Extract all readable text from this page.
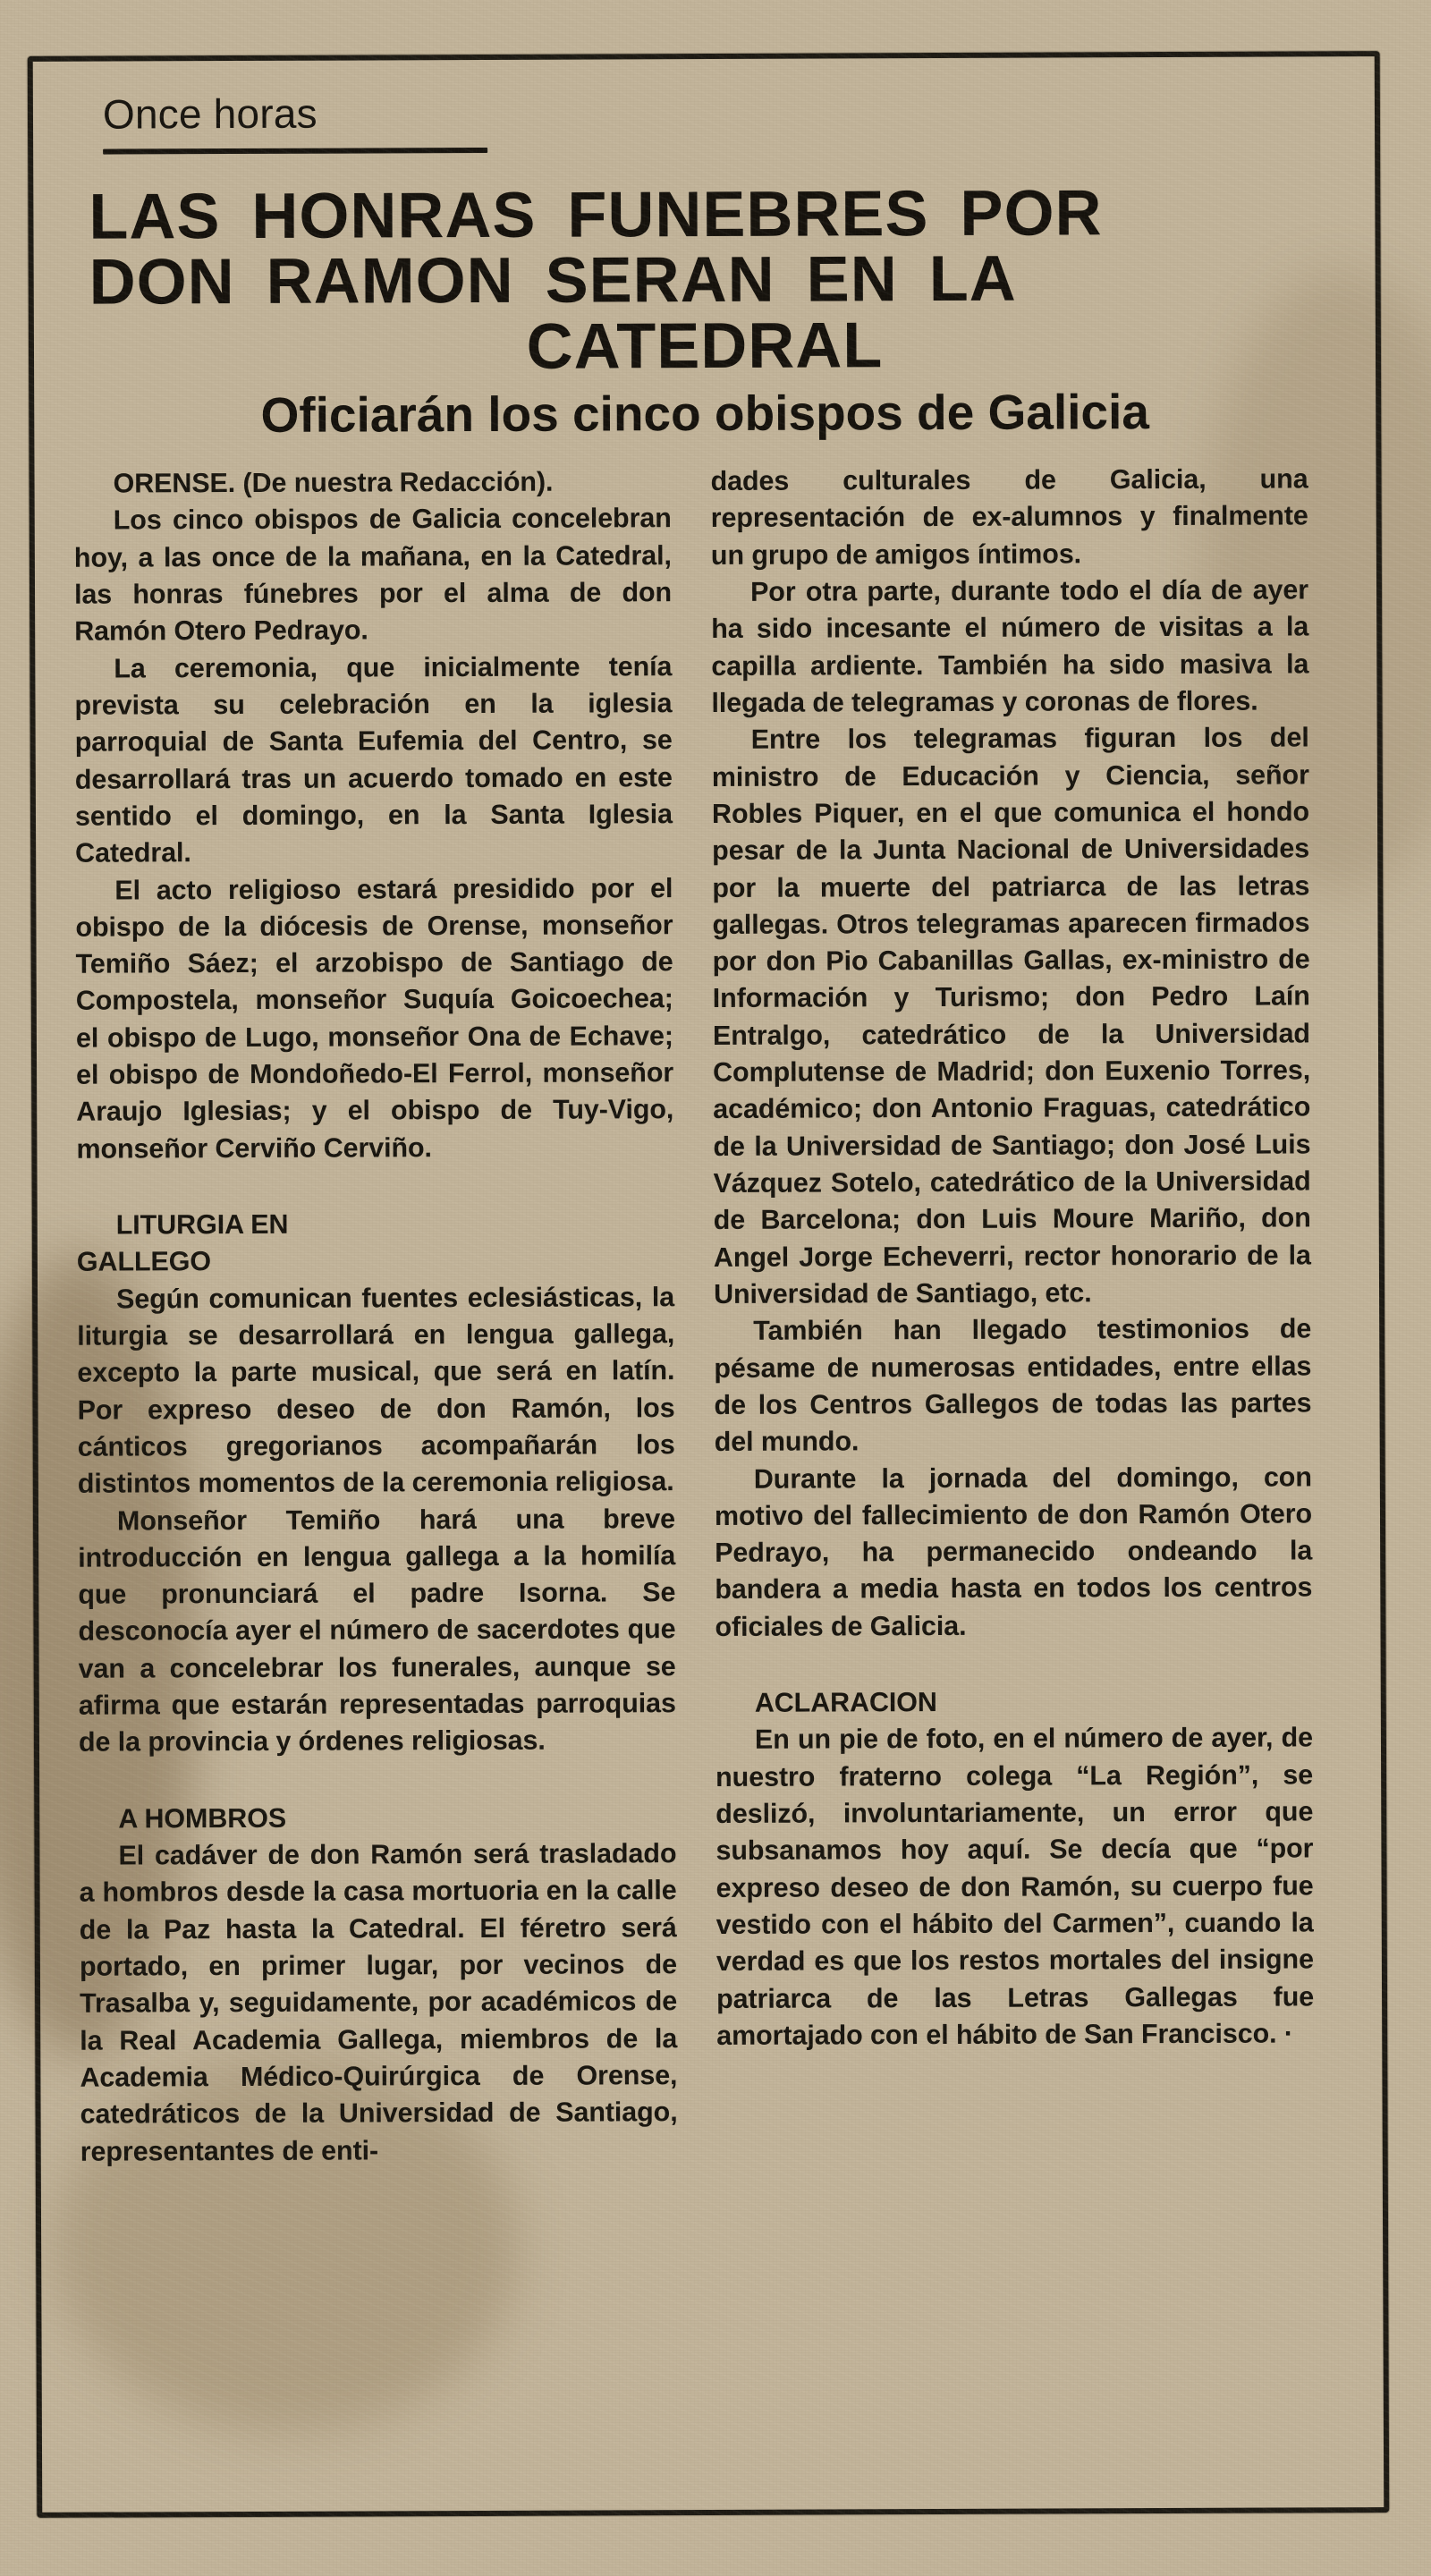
Once horas
LAS HONRAS FUNEBRES POR
DON RAMON SERAN EN LA
CATEDRAL
Oficiarán los cinco obispos de Galicia

ORENSE. (De nuestra Redacción).

Los cinco obispos de Galicia concelebran hoy, a las once de la mañana, en la Catedral, las honras fúnebres por el alma de don Ramón Otero Pedrayo.

La ceremonia, que inicialmente tenía prevista su celebración en la iglesia parroquial de Santa Eufemia del Centro, se desarrollará tras un acuerdo tomado en este sentido el domingo, en la Santa Iglesia Catedral.

El acto religioso estará presidido por el obispo de la diócesis de Orense, monseñor Temiño Sáez; el arzobispo de Santiago de Compostela, monseñor Suquía Goicoechea; el obispo de Lugo, monseñor Ona de Echave; el obispo de Mondoñedo-El Ferrol, monseñor Araujo Iglesias; y el obispo de Tuy-Vigo, monseñor Cerviño Cerviño.

LITURGIA EN
GALLEGO

Según comunican fuentes eclesiásticas, la liturgia se desarrollará en lengua gallega, excepto la parte musical, que será en latín. Por expreso deseo de don Ramón, los cánticos gregorianos acompañarán los distintos momentos de la ceremonia religiosa.

Monseñor Temiño hará una breve introducción en lengua gallega a la homilía que pronunciará el padre Isorna. Se desconocía ayer el número de sacerdotes que van a concelebrar los funerales, aunque se afirma que estarán representadas parroquias de la provincia y órdenes religiosas.

A HOMBROS

El cadáver de don Ramón será trasladado a hombros desde la casa mortuoria en la calle de la Paz hasta la Catedral. El féretro será portado, en primer lugar, por vecinos de Trasalba y, seguidamente, por académicos de la Real Academia Gallega, miembros de la Academia Médico-Quirúrgica de Orense, catedráticos de la Universidad de Santiago, representantes de enti-

dades culturales de Galicia, una representación de ex-alumnos y finalmente un grupo de amigos íntimos.

Por otra parte, durante todo el día de ayer ha sido incesante el número de visitas a la capilla ardiente. También ha sido masiva la llegada de telegramas y coronas de flores.

Entre los telegramas figuran los del ministro de Educación y Ciencia, señor Robles Piquer, en el que comunica el hondo pesar de la Junta Nacional de Universidades por la muerte del patriarca de las letras gallegas. Otros telegramas aparecen firmados por don Pio Cabanillas Gallas, ex-ministro de Información y Turismo; don Pedro Laín Entralgo, catedrático de la Universidad Complutense de Madrid; don Euxenio Torres, académico; don Antonio Fraguas, catedrático de la Universidad de Santiago; don José Luis Vázquez Sotelo, catedrático de la Universidad de Barcelona; don Luis Moure Mariño, don Angel Jorge Echeverri, rector honorario de la Universidad de Santiago, etc.

También han llegado testimonios de pésame de numerosas entidades, entre ellas de los Centros Gallegos de todas las partes del mundo.

Durante la jornada del domingo, con motivo del fallecimiento de don Ramón Otero Pedrayo, ha permanecido ondeando la bandera a media hasta en todos los centros oficiales de Galicia.

ACLARACION

En un pie de foto, en el número de ayer, de nuestro fraterno colega “La Región”, se deslizó, involuntariamente, un error que subsanamos hoy aquí. Se decía que “por expreso deseo de don Ramón, su cuerpo fue vestido con el hábito del Carmen”, cuando la verdad es que los restos mortales del insigne patriarca de las Letras Gallegas fue amortajado con el hábito de San Francisco. ·
